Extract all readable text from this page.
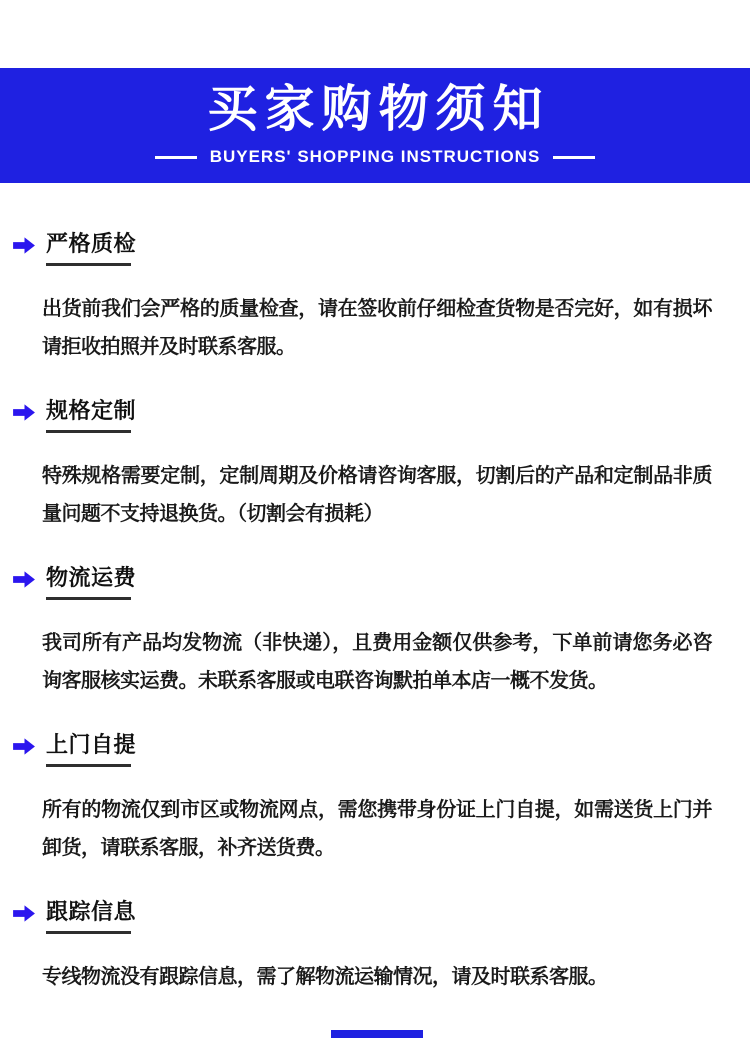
买家购物须知
BUYERS' SHOPPING INSTRUCTIONS
严格质检
出货前我们会严格的质量检查，请在签收前仔细检查货物是否完好，如有损坏请拒收拍照并及时联系客服。
规格定制
特殊规格需要定制，定制周期及价格请咨询客服，切割后的产品和定制品非质量问题不支持退换货。（切割会有损耗）
物流运费
我司所有产品均发物流（非快递），且费用金额仅供参考，下单前请您务必咨询客服核实运费。未联系客服或电联咨询默拍单本店一概不发货。
上门自提
所有的物流仅到市区或物流网点，需您携带身份证上门自提，如需送货上门并卸货，请联系客服，补齐送货费。
跟踪信息
专线物流没有跟踪信息，需了解物流运输情况，请及时联系客服。
